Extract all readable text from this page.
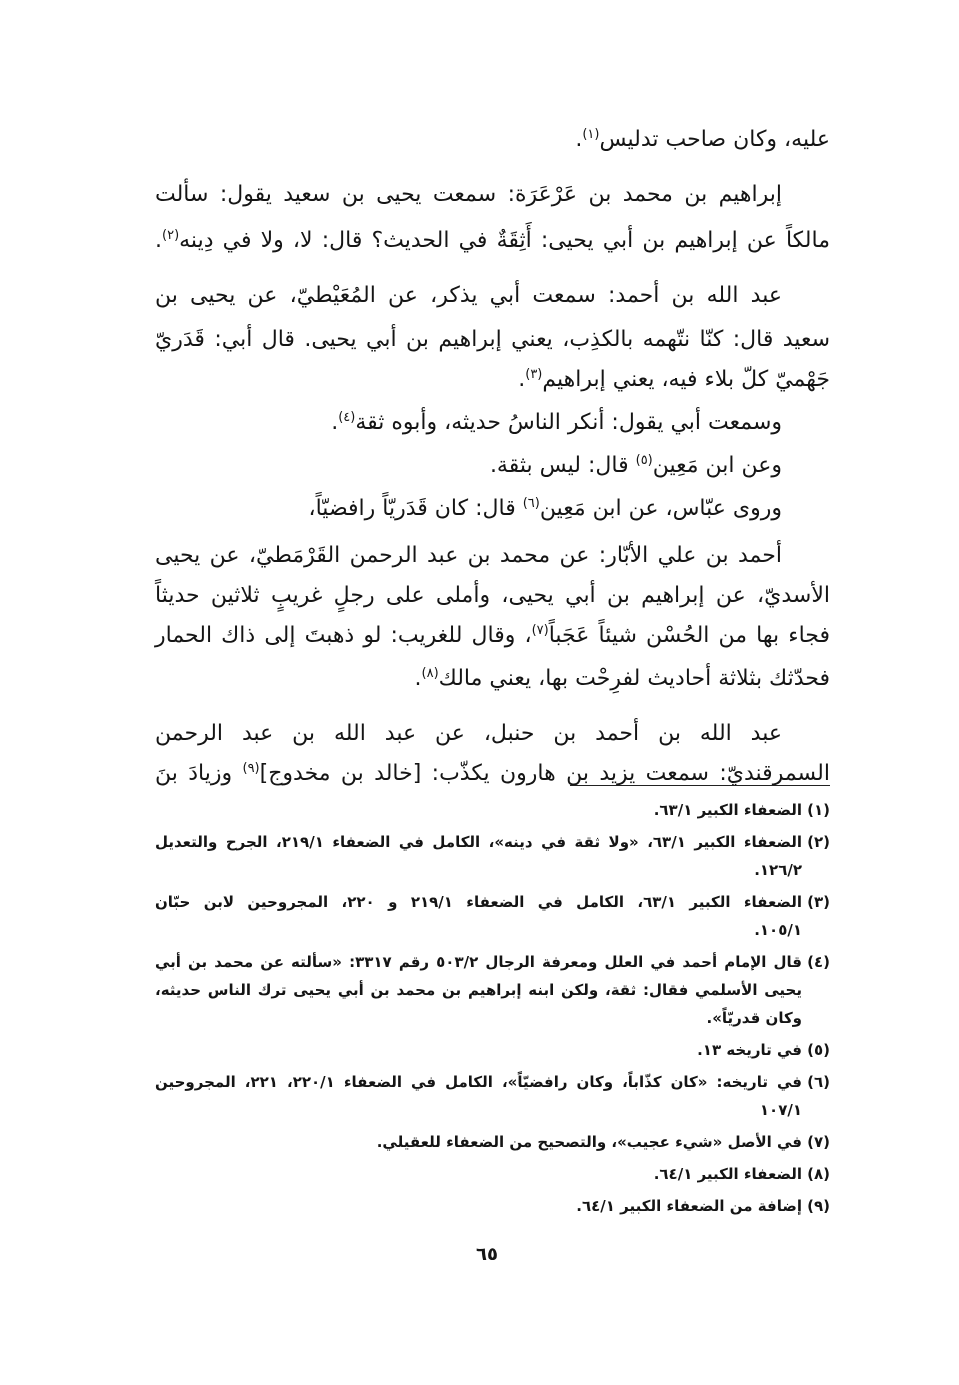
عليه، وكان صاحب تدليس$^{(١)}$.
إبراهيم بن محمد بن عَرْعَرَة: سمعت يحيى بن سعيد يقول: سألت
مالكاً عن إبراهيم بن أبي يحيى: أَثِقَةٌ في الحديث؟ قال: لا، ولا في دِينه$^{(٢)}$.
عبد الله بن أحمد: سمعت أبي يذكر، عن المُعَيْطيّ، عن يحيى بن
سعيد قال: كنّا نتّهمه بالكذِب، يعني إبراهيم بن أبي يحيى. قال أبي: قَدَريّ
جَهْميّ كلّ بلاء فيه، يعني إبراهيم$^{(٣)}$.
وسمعت أبي يقول: أنكر الناسُ حديثه، وأبوه ثقة$^{(٤)}$.
وعن ابن مَعِين$^{(٥)}$ قال: ليس بثقة.
وروى عبّاس، عن ابن مَعِين$^{(٦)}$ قال: كان قَدَريّاً رافضيّاً،
أحمد بن علي الأبّار: عن محمد بن عبد الرحمن القَرْمَطيّ، عن يحيى
الأسديّ، عن إبراهيم بن أبي يحيى، وأملى على رجلٍ غريبٍ ثلاثين حديثاً
فجاء بها من الحُسْن شيئاً عَجَباً$^{(٧)}$، وقال للغريب: لو ذهبتَ إلى ذاك الحمار
فحدّثك بثلاثة أحاديث لفرِحْت بها، يعني مالك$^{(٨)}$.
عبد الله بن أحمد بن حنبل، عن عبد الله بن عبد الرحمن
السمرقنديّ: سمعت يزيد بن هارون يكذّب: [خالد بن مخدوج]$^{(٩)}$ وزيادَ بنَ
(١)
الضعفاء الكبير ٦٣/١.
(٢)
الضعفاء الكبير ٦٣/١، «ولا ثقة في دينه»، الكامل في الضعفاء ٢١٩/١، الجرح والتعديل
١٢٦/٢.
(٣)
الضعفاء الكبير ٦٣/١، الكامل في الضعفاء ٢١٩/١ و ٢٢٠، المجروحين لابن حبّان
١٠٥/١.
(٤)
قال الإمام أحمد في العلل ومعرفة الرجال ٥٠٣/٢ رقم ٣٣١٧: «سألته عن محمد بن أبي
يحيى الأسلمي فقال: ثقة، ولكن ابنه إبراهيم بن محمد بن أبي يحيى ترك الناس حديثه،
وكان قدريّاً».
(٥)
في تاريخه ١٣.
(٦)
في تاريخه: «كان كذّاباً، وكان رافضيّاً»، الكامل في الضعفاء ٢٢٠/١، ٢٢١، المجروحين
١٠٧/١
(٧)
في الأصل «شيء عجيب»، والتصحيح من الضعفاء للعقيلي.
(٨)
الضعفاء الكبير ٦٤/١.
(٩)
إضافة من الضعفاء الكبير ٦٤/١.
٦٥
